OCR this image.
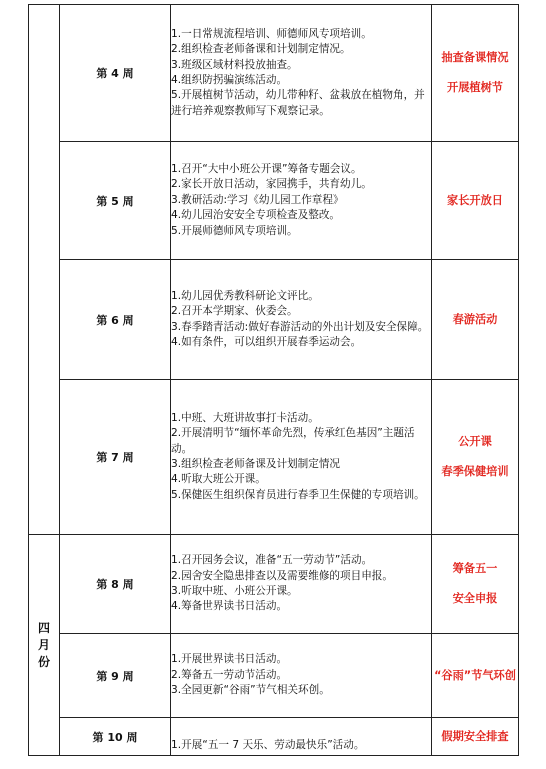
	第 4 周	1.一日常规流程培训、师德师风专项培训。
2.组织检查老师备课和计划制定情况。
3.班级区域材料投放抽查。
4.组织防拐骗演练活动。
5.开展植树节活动，幼儿带种籽、盆栽放在植物角，并进行培养观察教师写下观察记录。	抽查备课情况
开展植树节

	第 5 周	1.召开“大中小班公开课”筹备专题会议。
2.家长开放日活动，家园携手，共育幼儿。
3.教研活动:学习《幼儿园工作章程》
4.幼儿园治安安全专项检查及整改。
5.开展师德师风专项培训。	家长开放日

	第 6 周	1.幼儿园优秀教科研论文评比。
2.召开本学期家、伙委会。
3.春季踏青活动:做好春游活动的外出计划及安全保障。
4.如有条件，可以组织开展春季运动会。	春游活动

	第 7 周	1.中班、大班讲故事打卡活动。
2.开展清明节“缅怀革命先烈，传承红色基因”主题活动。
3.组织检查老师备课及计划制定情况
4.听取大班公开课。
5.保健医生组织保育员进行春季卫生保健的专项培训。	公开课
春季保健培训

四月份	第 8 周	1.召开园务会议，准备“五一劳动节”活动。
2.园舍安全隐患排查以及需要维修的项目申报。
3.听取中班、小班公开课。
4.筹备世界读书日活动。	筹备五一
安全申报

	第 9 周	1.开展世界读书日活动。
2.筹备五一劳动节活动。
3.全园更新“谷雨”节气相关环创。	“谷雨”节气环创

	第 10 周	1.开展“五一 7 天乐、劳动最快乐”活动。	假期安全排查
